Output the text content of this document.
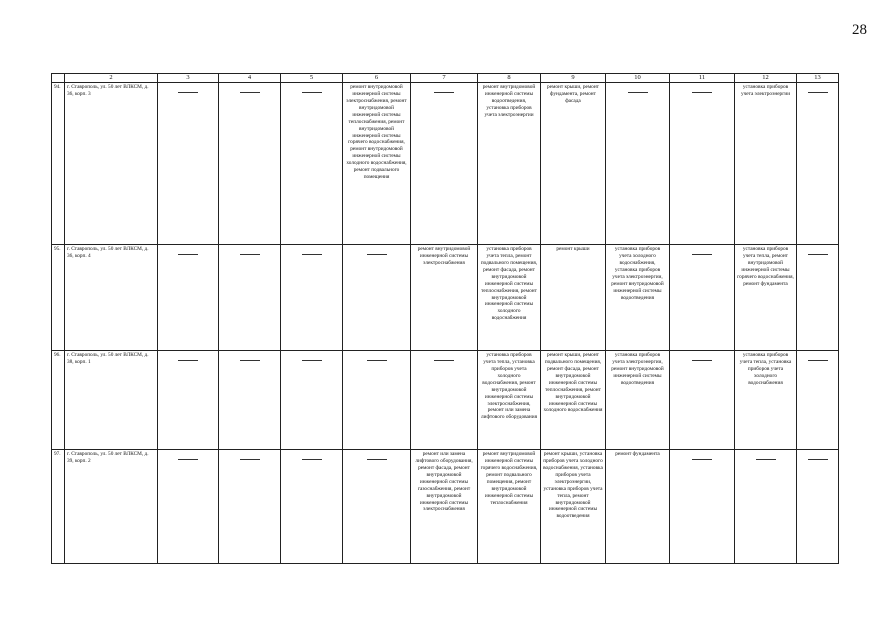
28
	2	3	4	5	6	7	8	9	10	11	12	13
94.	г. Ставрополь, ул. 50 лет ВЛКСМ, д. 36, корп. 3				ремонт внутридомовой инженерной системы электроснабжения, ремонт внутридомовой инженерной системы теплоснабжения, ремонт внутридомовой инженерной системы горячего водоснабжения, ремонт внутридомовой инженерной системы холодного водоснабжения, ремонт подвального помещения		ремонт внутридомовой инженерной системы водоотведения, установка приборов учета электроэнергии	ремонт крыши, ремонт фундамента, ремонт фасада			установка приборов учета электроэнергии	

95.	г. Ставрополь, ул. 50 лет ВЛКСМ, д. 36, корп. 4					ремонт внутридомовой инженерной системы электроснабжения	установка приборов учета тепла, ремонт подвального помещения, ремонт фасада, ремонт внутридомовой инженерной системы теплоснабжения, ремонт внутридомовой инженерной системы холодного водоснабжения	ремонт крыши	установка приборов учета холодного водоснабжения, установка приборов учета электроэнергии, ремонт внутридомовой инженерной системы водоотведения		установка приборов учета тепла, ремонт внутридомовой инженерной системы горячего водоснабжения, ремонт фундамента	

96.	г. Ставрополь, ул. 50 лет ВЛКСМ, д. 38, корп. 1						установка приборов учета тепла, установка приборов учета холодного водоснабжения, ремонт внутридомовой инженерной системы электроснабжения, ремонт или замена лифтового оборудования	ремонт крыши, ремонт подвального помещения, ремонт фасада, ремонт внутридомовой инженерной системы теплоснабжения, ремонт внутридомовой инженерной системы холодного водоснабжения	установка приборов учета электроэнергии, ремонт внутридомовой инженерной системы водоотведения		установка приборов учета тепла, установка приборов учета холодного водоснабжения	

97.	г. Ставрополь, ул. 50 лет ВЛКСМ, д. 39, корп. 2					ремонт или замена лифтового оборудования, ремонт фасада, ремонт внутридомовой инженерной системы газоснабжения, ремонт внутридомовой инженерной системы электроснабжения	ремонт внутридомовой инженерной системы горячего водоснабжения, ремонт подвального помещения, ремонт внутридомовой инженерной системы теплоснабжения	ремонт крыши, установка приборов учета холодного водоснабжения, установка приборов учета электроэнергии, установка приборов учета тепла, ремонт внутридомовой инженерной системы водоотведения	ремонт фундамента	
